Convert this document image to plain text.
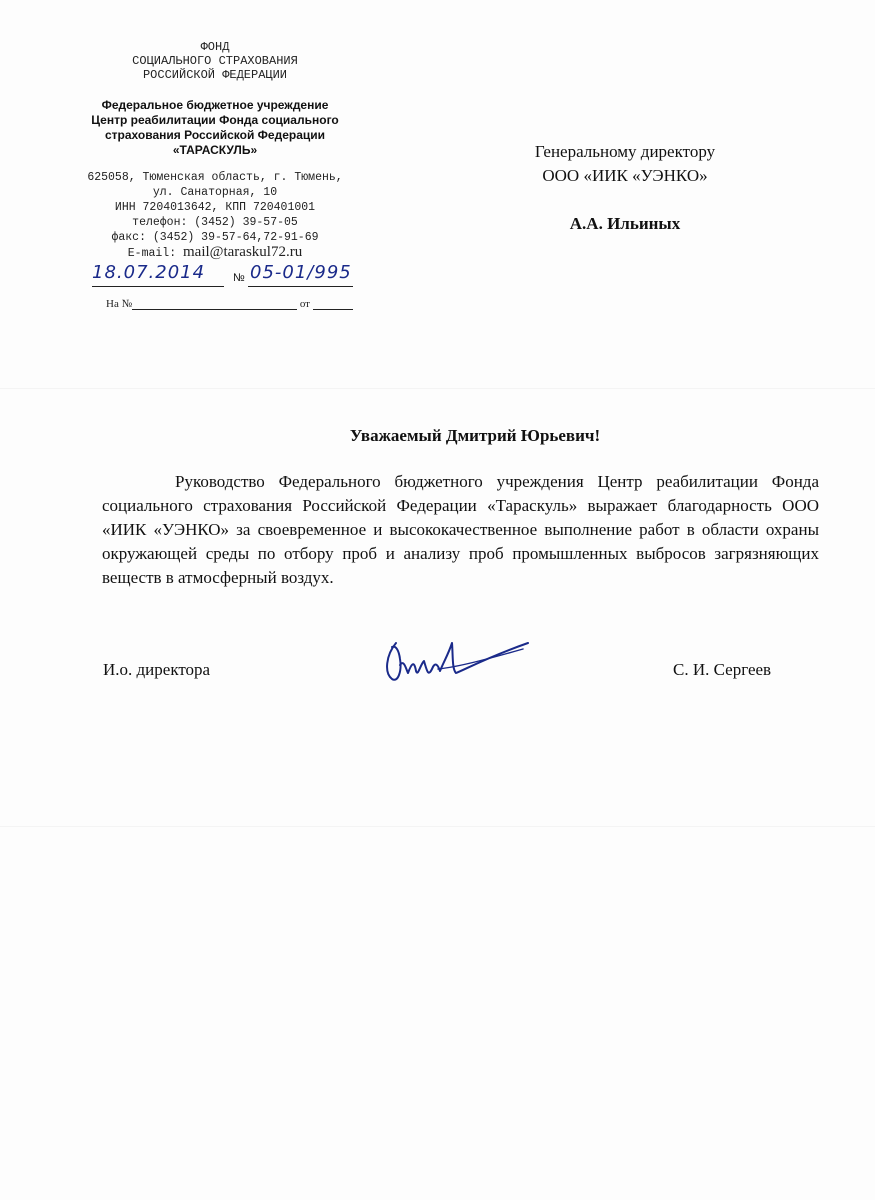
ФОНД
СОЦИАЛЬНОГО СТРАХОВАНИЯ
РОССИЙСКОЙ ФЕДЕРАЦИИ
Федеральное бюджетное учреждение
Центр реабилитации Фонда социального
страхования Российской Федерации
«ТАРАСКУЛЬ»
625058, Тюменская область, г. Тюмень,
ул. Санаторная, 10
ИНН 7204013642, КПП 720401001
телефон: (3452) 39-57-05
факс: (3452) 39-57-64,72-91-69
E-mail: mail@taraskul72.ru
18.07.2014	№ 05-01/995
На №	от
Генеральному директору
ООО «ИИК «УЭНКО»
А.А. Ильиных
Уважаемый Дмитрий Юрьевич!
Руководство Федерального бюджетного учреждения Центр реабилитации Фонда социального страхования Российской Федерации «Тараскуль» выражает благодарность ООО «ИИК «УЭНКО» за своевременное и высококачественное выполнение работ в области охраны окружающей среды по отбору проб и анализу проб промышленных выбросов загрязняющих веществ в атмосферный воздух.
И.о. директора	С. И. Сергеев
